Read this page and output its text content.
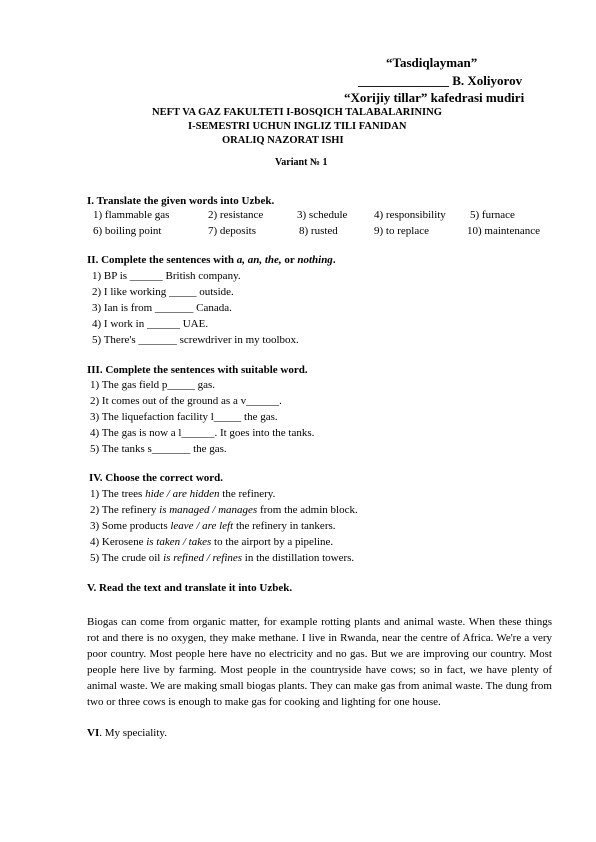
“Tasdiqlayman”
______________ B. Xoliyorov
“Xorijiy tillar” kafedrasi mudiri
NEFT VA GAZ FAKULTETI I-BOSQICH TALABALARINING
I-SEMESTRI UCHUN INGLIZ TILI FANIDAN
ORALIQ NAZORAT ISHI
Variant № 1
I. Translate the given words into Uzbek.
1) flammable gas	2) resistance	3) schedule 4) responsibility 5) furnace
6) boiling point	7) deposits	8) rusted	9) to replace	10) maintenance
II. Complete the sentences with a, an, the, or nothing.
1) BP is ______ British company.
2) I like working _____ outside.
3) Ian is from _______ Canada.
4) I work in ______ UAE.
5) There's _______ screwdriver in my toolbox.
III. Complete the sentences with suitable word.
1) The gas field p_____ gas.
2) It comes out of the ground as a v______.
3) The liquefaction facility l_____ the gas.
4) The gas is now a l______. It goes into the tanks.
5) The tanks s_______ the gas.
IV. Choose the correct word.
1) The trees hide / are hidden the refinery.
2) The refinery is managed / manages from the admin block.
3) Some products leave / are left the refinery in tankers.
4) Kerosene is taken / takes to the airport by a pipeline.
5) The crude oil is refined / refines in the distillation towers.
V. Read the text and translate it into Uzbek.
Biogas can come from organic matter, for example rotting plants and animal waste. When these things rot and there is no oxygen, they make methane. I live in Rwanda, near the centre of Africa. We're a very poor country. Most people here have no electricity and no gas. But we are improving our country. Most people here live by farming. Most people in the countryside have cows; so in fact, we have plenty of animal waste. We are making small biogas plants. They can make gas from animal waste. The dung from two or three cows is enough to make gas for cooking and lighting for one house.
VI. My speciality.
